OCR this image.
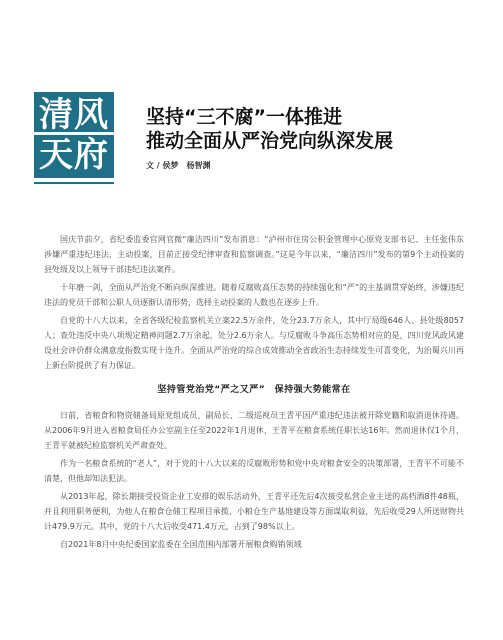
清风
天府
坚持“三不腐”一体推进
推动全面从严治党向纵深发展
文 / 侯梦　杨智渊

国庆节前夕，省纪委监委官网官微“廉洁四川”发布消息：“泸州市住房公积金管理中心原党支部书记、主任张伟东涉嫌严重违纪违法，主动投案，目前正接受纪律审查和监察调查。”这是今年以来，“廉洁四川”发布的第9个主动投案的县处级及以上领导干部违纪违法案件。

十年磨一剑，全面从严治党不断向纵深推进。随着反腐败高压态势的持续强化和“严”的主基调贯穿始终，涉嫌违纪违法的党员干部和公职人员逐渐认清形势，选择主动投案的人数也在逐步上升。

自党的十八大以来，全省各级纪检监察机关立案22.5万余件，处分23.7万余人，其中厅局级646人、县处级8057人；查处违反中央八项规定精神问题2.7万余起，处分2.6万余人。与反腐败斗争高压态势相对应的是，四川党风政风建设社会评价群众满意度指数实现十连升。全面从严治党的综合成效推动全省政治生态持续发生可喜变化，为治蜀兴川再上新台阶提供了有力保证。

坚持管党治党“严之又严”　保持强大势能常在

日前，省粮食和物资储备局原党组成员、副局长、二级巡视员王青平因严重违纪违法被开除党籍和取消退休待遇。从2006年9月进入省粮食局任办公室副主任至2022年1月退休，王青平在粮食系统任职长达16年。然而退休仅1个月，王青平就被纪检监察机关严肃查处。

作为一名粮食系统的“老人”，对于党的十八大以来的反腐败形势和党中央对粮食安全的决策部署，王青平不可能不清楚，但他却知法犯法。

从2013年起，除长期接受投资企业工安排的娱乐活动外，王青平还先后4次接受私营企业主送的高档酒8件48瓶，并且利用职务便利，为他人在粮食仓储工程项目承揽、小粮仓生产基地建设等方面谋取利益，先后收受29人所送财物共计479.9万元。其中，党的十八大后收受471.4万元，占到了98%以上。

自2021年8月中央纪委国家监委在全国范围内部署开展粮食购销领域
